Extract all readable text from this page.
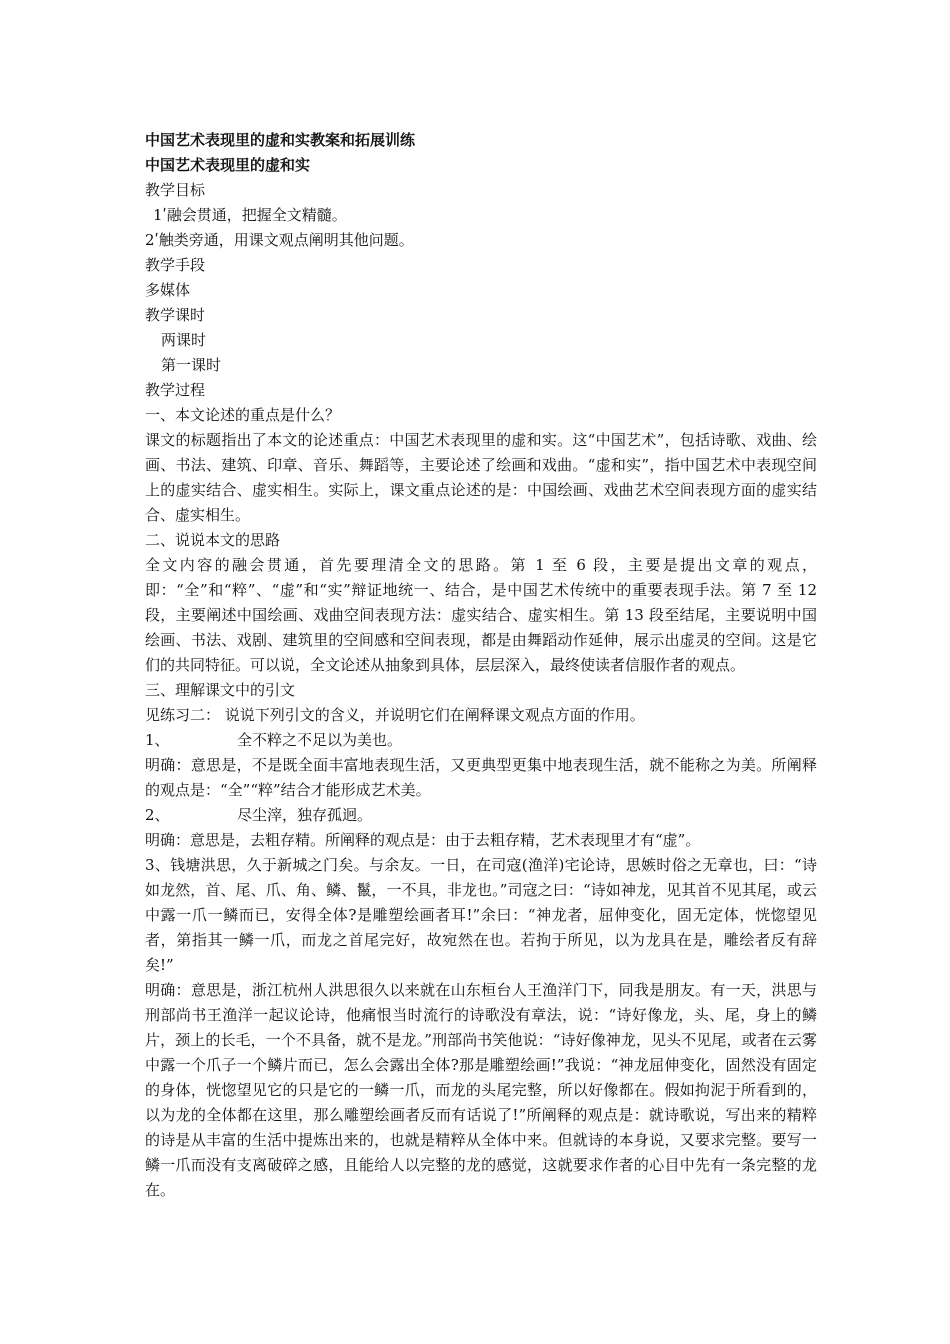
中国艺术表现里的虚和实教案和拓展训练
中国艺术表现里的虚和实
教学目标
1ʹ融会贯通，把握全文精髓。
2ʹ触类旁通，用课文观点阐明其他问题。
教学手段
多媒体
教学课时
两课时
第一课时
教学过程
一、本文论述的重点是什么？
课文的标题指出了本文的论述重点：中国艺术表现里的虚和实。这“中国艺术”，包括诗歌、戏曲、绘画、书法、建筑、印章、音乐、舞蹈等，主要论述了绘画和戏曲。“虚和实”，指中国艺术中表现空间上的虚实结合、虚实相生。实际上，课文重点论述的是：中国绘画、戏曲艺术空间表现方面的虚实结合、虚实相生。
二、说说本文的思路
全文内容的融会贯通，首先要理清全文的思路。第 1 至 6 段，主要是提出文章的观点，即：“全”和“粹”、“虚”和“实”辩证地统一、结合，是中国艺术传统中的重要表现手法。第 7 至 12 段，主要阐述中国绘画、戏曲空间表现方法：虚实结合、虚实相生。第 13 段至结尾，主要说明中国绘画、书法、戏剧、建筑里的空间感和空间表现，都是由舞蹈动作延伸，展示出虚灵的空间。这是它们的共同特征。可以说，全文论述从抽象到具体，层层深入，最终使读者信服作者的观点。
三、理解课文中的引文
见练习二： 说说下列引文的含义，并说明它们在阐释课文观点方面的作用。
1、	全不粹之不足以为美也。
明确：意思是，不是既全面丰富地表现生活，又更典型更集中地表现生活，就不能称之为美。所阐释的观点是：“全”“粹”结合才能形成艺术美。
2、	尽尘滓，独存孤迥。
明确：意思是，去粗存精。所阐释的观点是：由于去粗存精，艺术表现里才有“虚”。
3、钱塘洪思，久于新城之门矣。与余友。一日，在司寇(渔洋)宅论诗，思嫉时俗之无章也，曰：“诗如龙然，首、尾、爪、角、鳞、鬣，一不具，非龙也。”司寇之曰：“诗如神龙，见其首不见其尾，或云中露一爪一鳞而已，安得全体?是雕塑绘画者耳!”余曰：“神龙者，屈伸变化，固无定体，恍惚望见者，第指其一鳞一爪，而龙之首尾完好，故宛然在也。若拘于所见，以为龙具在是，雕绘者反有辞矣!”
明确：意思是，浙江杭州人洪思很久以来就在山东桓台人王渔洋门下，同我是朋友。有一天，洪思与刑部尚书王渔洋一起议论诗，他痛恨当时流行的诗歌没有章法，说：“诗好像龙，头、尾，身上的鳞片，颈上的长毛，一个不具备，就不是龙。”刑部尚书笑他说：“诗好像神龙，见头不见尾，或者在云雾中露一个爪子一个鳞片而已，怎么会露出全体?那是雕塑绘画!”我说：“神龙屈伸变化，固然没有固定的身体，恍惚望见它的只是它的一鳞一爪，而龙的头尾完整，所以好像都在。假如拘泥于所看到的，以为龙的全体都在这里，那么雕塑绘画者反而有话说了!”所阐释的观点是：就诗歌说，写出来的精粹的诗是从丰富的生活中提炼出来的，也就是精粹从全体中来。但就诗的本身说，又要求完整。要写一鳞一爪而没有支离破碎之感，且能给人以完整的龙的感觉，这就要求作者的心目中先有一条完整的龙在。
